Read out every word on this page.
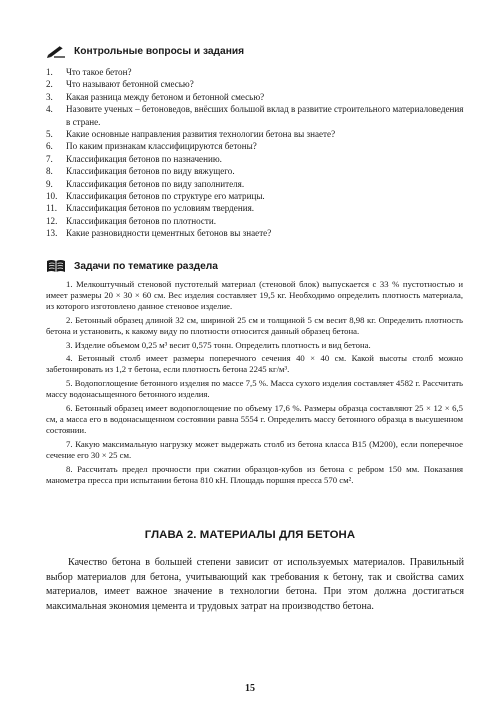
Контрольные вопросы и задания
1.	Что такое бетон?
2.	Что называют бетонной смесью?
3.	Какая разница между бетоном и бетонной смесью?
4.	Назовите ученых – бетоноведов, внёсших большой вклад в развитие строительного материаловедения в стране.
5.	Какие основные направления развития технологии бетона вы знаете?
6.	По каким признакам классифицируются бетоны?
7.	Классификация бетонов по назначению.
8.	Классификация бетонов по виду вяжущего.
9.	Классификация бетонов по виду заполнителя.
10. Классификация бетонов по структуре его матрицы.
11. Классификация бетонов по условиям твердения.
12. Классификация бетонов по плотности.
13. Какие разновидности цементных бетонов вы знаете?
Задачи по тематике раздела

1. Мелкоштучный стеновой пустотелый материал (стеновой блок) выпускается с 33 % пустотностью и имеет размеры 20 × 30 × 60 см. Вес изделия составляет 19,5 кг. Необходимо определить плотность материала, из которого изготовлено данное стеновое изделие.

2. Бетонный образец длиной 32 см, шириной 25 см и толщиной 5 см весит 8,98 кг. Определить плотность бетона и установить, к какому виду по плотности относится данный образец бетона.

3. Изделие объемом 0,25 м³ весит 0,575 тонн. Определить плотность и вид бетона.

4. Бетонный столб имеет размеры поперечного сечения 40 × 40 см. Какой высоты столб можно забетонировать из 1,2 т бетона, если плотность бетона 2245 кг/м³.

5. Водопоглощение бетонного изделия по массе 7,5 %. Масса сухого изделия составляет 4582 г. Рассчитать массу водонасыщенного бетонного изделия.

6. Бетонный образец имеет водопоглощение по объему 17,6 %. Размеры образца составляют 25 × 12 × 6,5 см, а масса его в водонасыщенном состоянии равна 5554 г. Определить массу бетонного образца в высушенном состоянии.

7. Какую максимальную нагрузку может выдержать столб из бетона класса B15 (M200), если поперечное сечение его 30 × 25 см.

8. Рассчитать предел прочности при сжатии образцов-кубов из бетона с ребром 150 мм. Показания манометра пресса при испытании бетона 810 кН. Площадь поршня пресса 570 см².

ГЛАВА 2. МАТЕРИАЛЫ ДЛЯ БЕТОНА

Качество бетона в большей степени зависит от используемых материалов. Правильный выбор материалов для бетона, учитывающий как требования к бетону, так и свойства самих материалов, имеет важное значение в технологии бетона. При этом должна достигаться максимальная экономия цемента и трудовых затрат на производство бетона.

15
